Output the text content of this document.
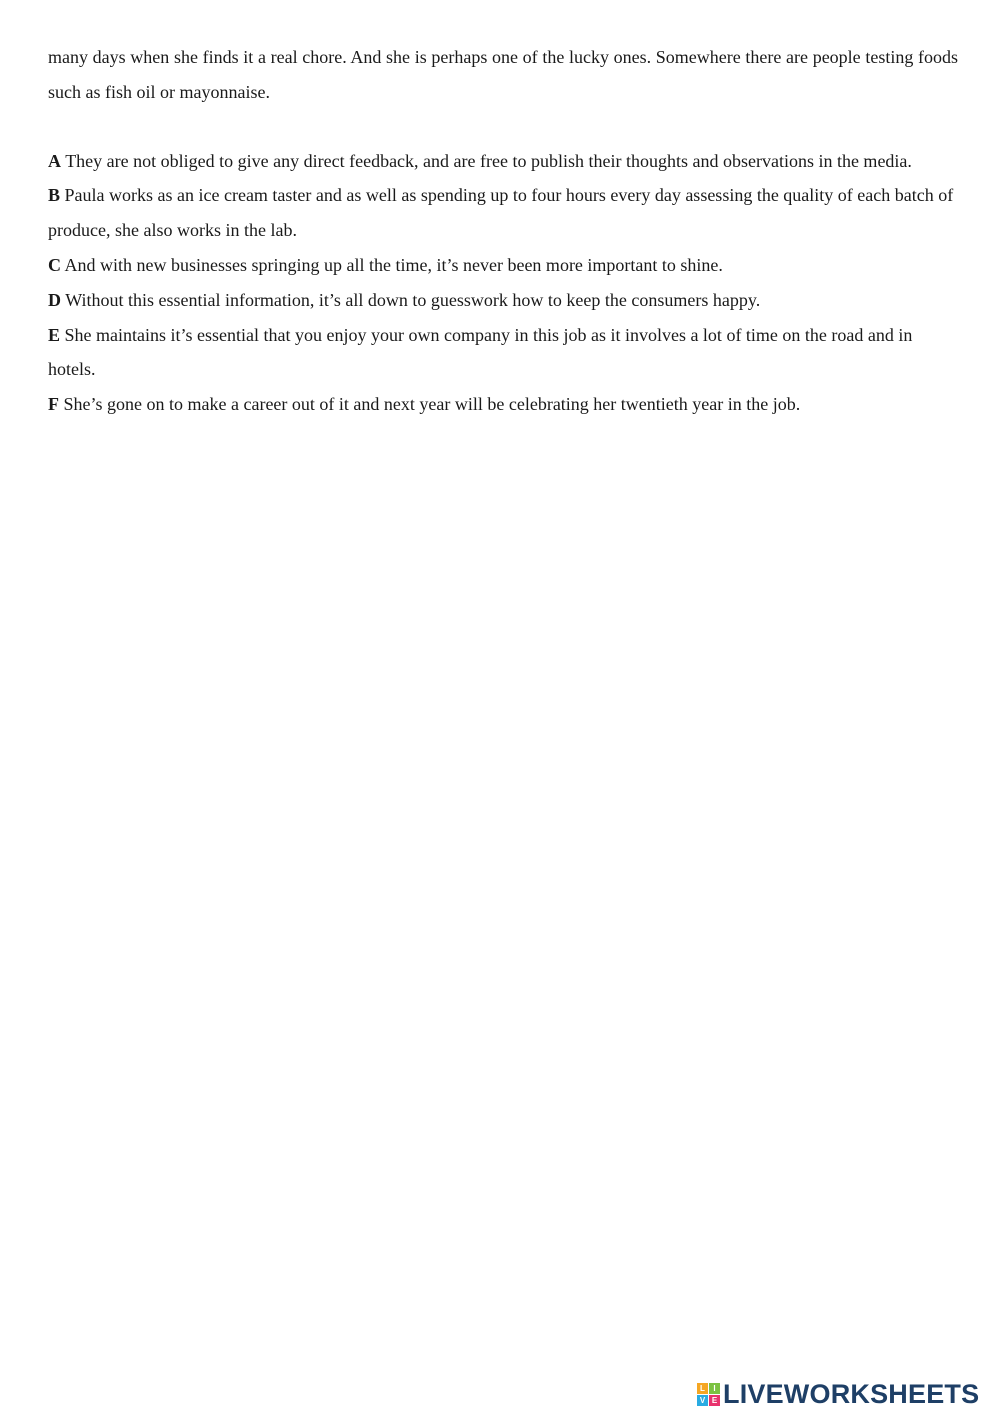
many days when she finds it a real chore. And she is perhaps one of the lucky ones. Somewhere there are people testing foods such as fish oil or mayonnaise.

A They are not obliged to give any direct feedback, and are free to publish their thoughts and observations in the media.

B Paula works as an ice cream taster and as well as spending up to four hours every day assessing the quality of each batch of produce, she also works in the lab.

C And with new businesses springing up all the time, it’s never been more important to shine.

D Without this essential information, it’s all down to guesswork how to keep the consumers happy.

E She maintains it’s essential that you enjoy your own company in this job as it involves a lot of time on the road and in hotels.

F She’s gone on to make a career out of it and next year will be celebrating her twentieth year in the job.

L	I
V E LIVEWORKSHEETS
